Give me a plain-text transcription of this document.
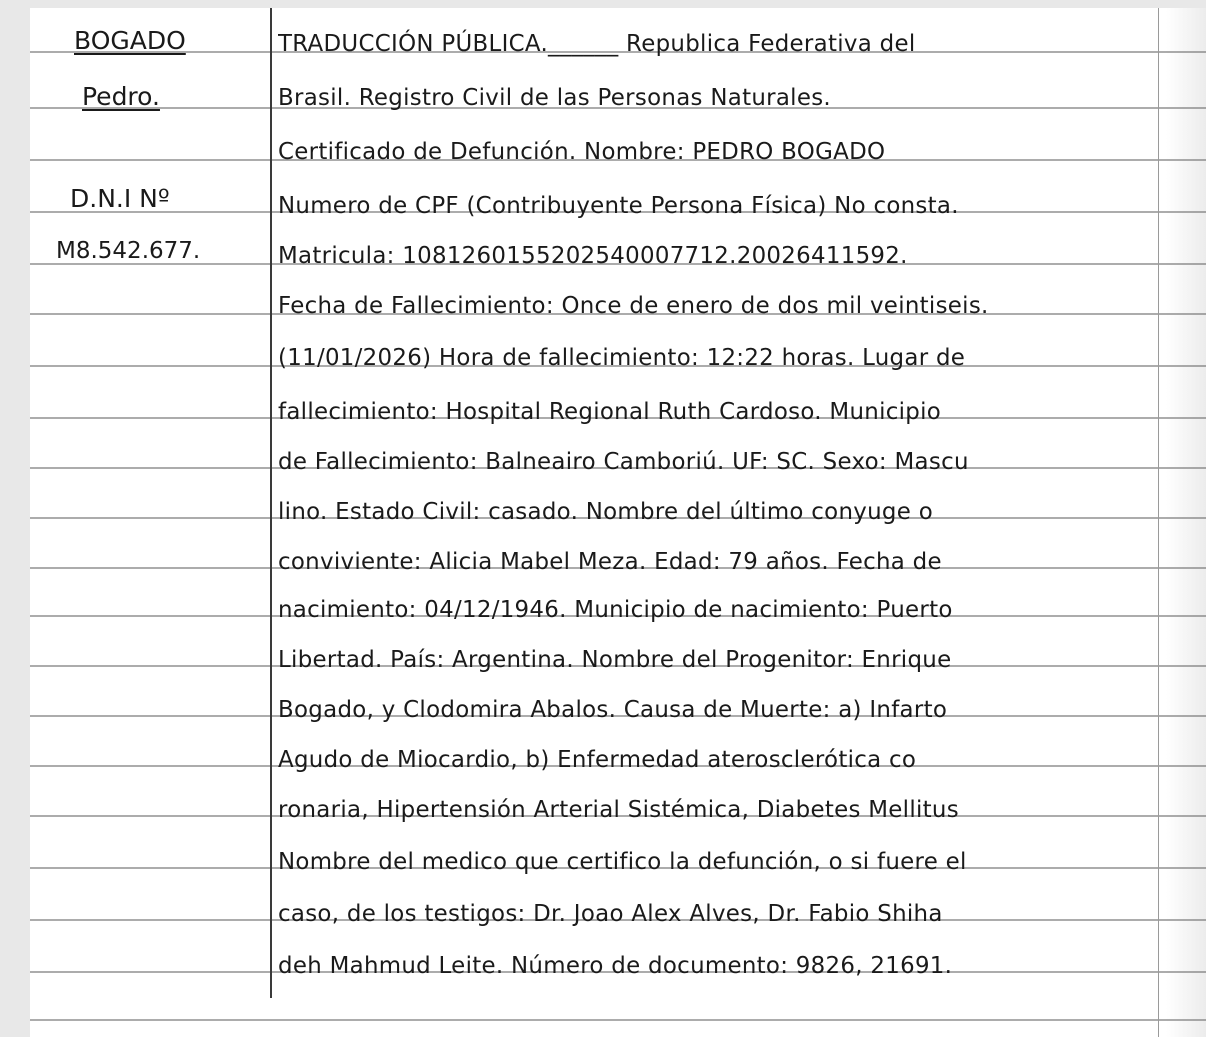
BOGADO
Pedro.
D.N.I Nº
M8.542.677.
TRADUCCIÓN PÚBLICA.______ Republica Federativa del
Brasil. Registro Civil de las Personas Naturales.
Certificado de Defunción. Nombre: PEDRO BOGADO
Numero de CPF (Contribuyente Persona Física) No consta.
Matricula: 1081260155202540007712.20026411592.
Fecha de Fallecimiento: Once de enero de dos mil veintiseis.
(11/01/2026) Hora de fallecimiento: 12:22 horas. Lugar de
fallecimiento: Hospital Regional Ruth Cardoso. Municipio
de Fallecimiento: Balneairo Camboriú. UF: SC. Sexo: Mascu
lino. Estado Civil: casado. Nombre del último conyuge o
conviviente: Alicia Mabel Meza. Edad: 79 años. Fecha de
nacimiento: 04/12/1946. Municipio de nacimiento: Puerto
Libertad. País: Argentina. Nombre del Progenitor: Enrique
Bogado, y Clodomira Abalos. Causa de Muerte: a) Infarto
Agudo de Miocardio, b) Enfermedad aterosclerótica co
ronaria, Hipertensión Arterial Sistémica, Diabetes Mellitus
Nombre del medico que certifico la defunción, o si fuere el
caso, de los testigos: Dr. Joao Alex Alves, Dr. Fabio Shiha
deh Mahmud Leite. Número de documento: 9826, 21691.
